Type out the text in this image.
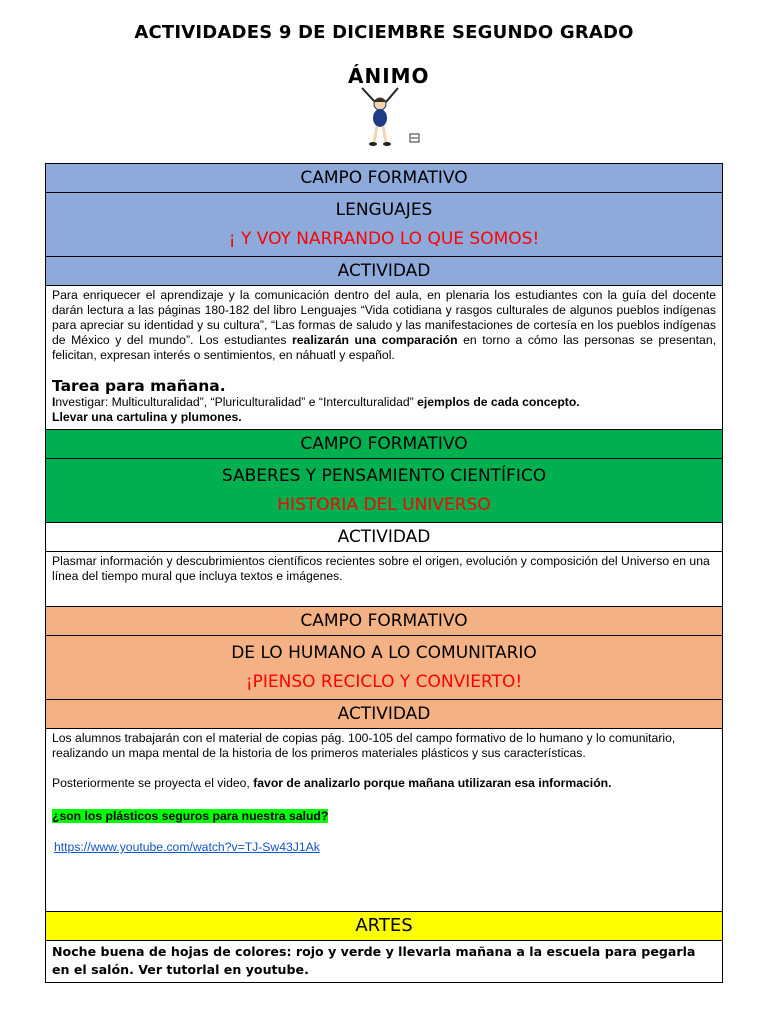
ACTIVIDADES 9 DE DICIEMBRE SEGUNDO GRADO
ÁNIMO
CAMPO FORMATIVO
LENGUAJES
¡ Y VOY NARRANDO LO QUE SOMOS!
ACTIVIDAD
Para enriquecer el aprendizaje y la comunicación dentro del aula, en plenaria los estudiantes con la guía del docente darán lectura a las páginas 180-182 del libro Lenguajes “Vida cotidiana y rasgos culturales de algunos pueblos indígenas para apreciar su identidad y su cultura”, “Las formas de saludo y las manifestaciones de cortesía en los pueblos indígenas de México y del mundo”. Los estudiantes realizarán una comparación en torno a cómo las personas se presentan, felicitan, expresan interés o sentimientos, en náhuatl y español.
Tarea para mañana.
Investigar: Multiculturalidad”, “Pluriculturalidad” e “Interculturalidad” ejemplos de cada concepto.
Llevar una cartulina y plumones.
CAMPO FORMATIVO
SABERES Y PENSAMIENTO CIENTÍFICO
HISTORIA DEL UNIVERSO
ACTIVIDAD
Plasmar información y descubrimientos científicos recientes sobre el origen, evolución y composición del Universo en una línea del tiempo mural que incluya textos e imágenes.
CAMPO FORMATIVO
DE LO HUMANO A LO COMUNITARIO
¡PIENSO RECICLO Y CONVIERTO!
ACTIVIDAD
Los alumnos trabajarán con el material de copias pág. 100-105 del campo formativo de lo humano y lo comunitario, realizando un mapa mental de la historia de los primeros materiales plásticos y sus características.
Posteriormente se proyecta el video, favor de analizarlo porque mañana utilizaran esa información.
¿son los plásticos seguros para nuestra salud?
https://www.youtube.com/watch?v=TJ-Sw43J1Ak
ARTES
Noche buena de hojas de colores: rojo y verde y llevarla mañana a la escuela para pegarla en el salón. Ver tutorlal en youtube.
